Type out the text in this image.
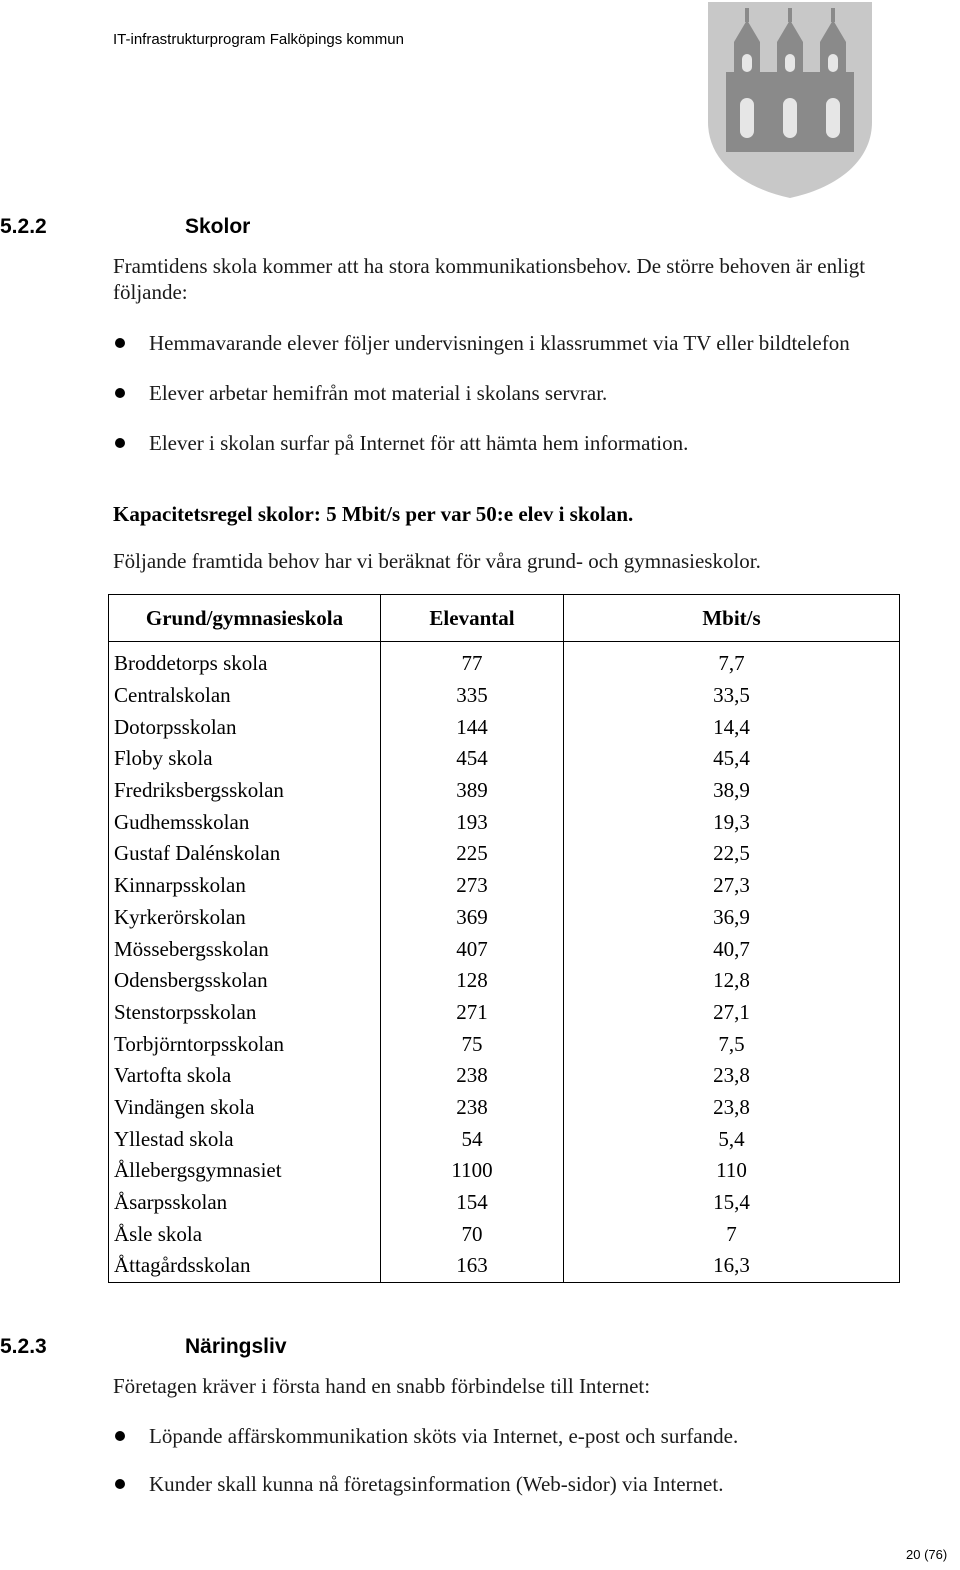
IT-infrastrukturprogram Falköpings kommun
5.2.2	Skolor
Framtidens skola kommer att ha stora kommunikationsbehov. De större behoven är enligt följande:
Hemmavarande elever följer undervisningen i klassrummet via TV eller bildtelefon
Elever arbetar hemifrån mot material i skolans servrar.
Elever i skolan surfar på Internet för att hämta hem information.
Kapacitetsregel skolor: 5 Mbit/s per var 50:e elev i skolan.
Följande framtida behov har vi beräknat för våra grund- och gymnasieskolor.
Grund/gymnasieskola	Elevantal	Mbit/s

Broddetorps skola	77	7,7
Centralskolan	335	33,5
Dotorpsskolan	144	14,4
Floby skola	454	45,4
Fredriksbergsskolan	389	38,9
Gudhemsskolan	193	19,3
Gustaf Dalénskolan	225	22,5
Kinnarpsskolan	273	27,3
Kyrkerörskolan	369	36,9
Mössebergsskolan	407	40,7
Odensbergsskolan	128	12,8
Stenstorpsskolan	271	27,1
Torbjörntorpsskolan	75	7,5
Vartofta skola	238	23,8
Vindängen skola	238	23,8
Yllestad skola	54	5,4
Ållebergsgymnasiet	1100	110
Åsarpsskolan	154	15,4
Åsle skola	70	7
Åttagårdsskolan	163	16,3
5.2.3	Näringsliv
Företagen kräver i första hand en snabb förbindelse till Internet:
Löpande affärskommunikation sköts via Internet, e-post och surfande.
Kunder skall kunna nå företagsinformation (Web-sidor) via Internet.
20 (76)
